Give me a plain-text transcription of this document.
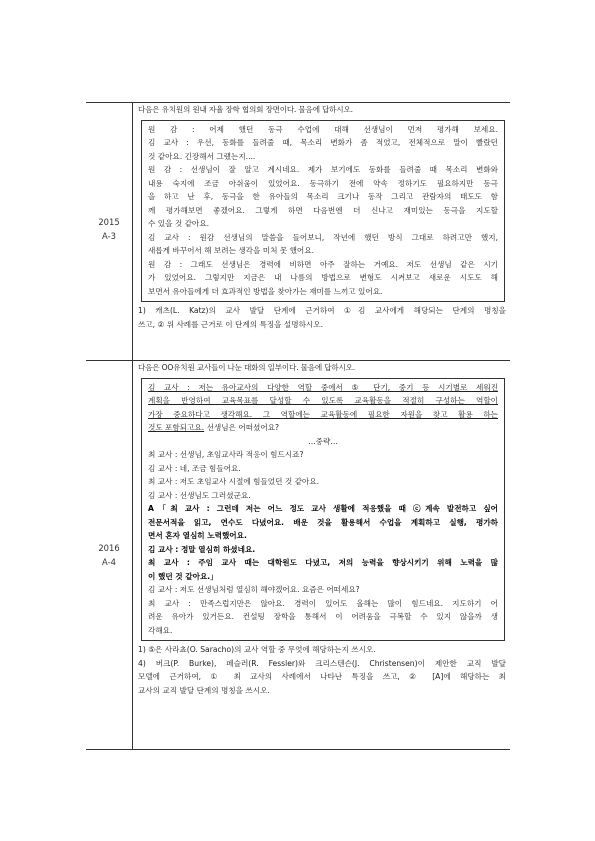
2015
A-3

다음은 유치원의 원내 자율 장학 협의회 장면이다. 물음에 답하시오.

원 감 : 어제 했던 동극 수업에 대해 선생님이 먼저 평가해 보세요.
김 교사 : 우선, 동화를 들려줄 때, 목소리 변화가 좀 적었고, 전체적으로 말이 빨랐던
것 같아요. 긴장해서 그랬는지....
원 감 : 선생님이 잘 알고 계시네요. 제가 보기에도 동화를 들려줄 때 목소리 변화와
내용 숙지에 조금 아쉬움이 있었어요. 동극하기 전에 약속 정하기도 필요하지만 동극
을 하고 난 후, 동극을 한 유아들의 목소리 크기나 동작 그리고 관람자의 태도도 함
께 평가해보면 좋겠어요. 그렇게 하면 다음번엔 더 신나고 재미있는 동극을 지도할
수 있을 것 같아요.
김 교사 : 원감 선생님의 말씀을 들어보니, 작년에 했던 방식 그대로 하려고만 했지,
새롭게 바꾸어서 해 보려는 생각을 미처 못 했어요.
원 감 : 그래도 선생님은 경력에 비하면 아주 잘하는 거예요. 저도 선생님 같은 시기
가 있었어요. 그렇지만 지금은 내 나름의 방법으로 변형도 시켜보고 새로운 시도도 해
보면서 유아들에게 더 효과적인 방법을 찾아가는 재미를 느끼고 있어요.
1) 캐츠(L. Katz)의 교사 발달 단계에 근거하여 ①김 교사에게 해당되는 단계의 명칭을
쓰고, ② 위 사례를 근거로 이 단계의 특징을 설명하시오.
2016
A-4

다음은 OO유치원 교사들이 나눈 대화의 일부이다. 물음에 답하시오.

김 교사 : 저는 유아교사의 다양한 역할 중에서 ⑤ 단기, 중기 등 시기별로 세워진
계획을 반영하여 교육목표를 달성할 수 있도록 교육활동을 적절히 구성하는 역할이
가장 중요하다고 생각해요. 그 역할에는 교육활동에 필요한 자원을 찾고 활용 하는
것도 포함되고요. 선생님은 어떠셨어요?
…중략…
최 교사 : 선생님, 초임교사라 적응이 힘드시죠?
김 교사 : 네, 조금 힘들어요.
최 교사 : 저도 초임교사 시절에 힘들었던 것 같아요.
김 교사 : 선생님도 그러셨군요.
A「최 교사 : 그런데 저는 어느 정도 교사 생활에 적응했을 때 ⓒ계속 발전하고 싶어
전문서적을 읽고, 연수도 다녔어요. 배운 것을 활용해서 수업을 계획하고 실행, 평가하
면서 혼자 열심히 노력했어요.
김 교사 : 정말 열심히 하셨네요.
최 교사 : 주임 교사 때는 대학원도 다녔고, 저의 능력을 향상시키기 위해 노력을 많
이 했던 것 같아요.」
김 교사 : 저도 선생님처럼 열심히 해야겠어요. 요즘은 어떠세요?
최 교사 : 만족스럽지만은 않아요. 경력이 있어도 올해는 많이 힘드네요. 지도하기 어
려운 유아가 있거든요. 컨설팅 장학을 통해서 이 어려움을 극복할 수 있지 않을까 생
각해요.
1) ⑤은 사라쵸(O. Saracho)의 교사 역할 중 무엇에 해당하는지 쓰시오.
4) 버크(P. Burke), 페슬러(R. Fessler)와 크리스텐슨(J. Christensen)이 제안한 교직 발달
모델에 근거하여, ① 최 교사의 사례에서 나타난 특징을 쓰고, ② [A]에 해당하는 최
교사의 교직 발달 단계의 명칭을 쓰시오.
